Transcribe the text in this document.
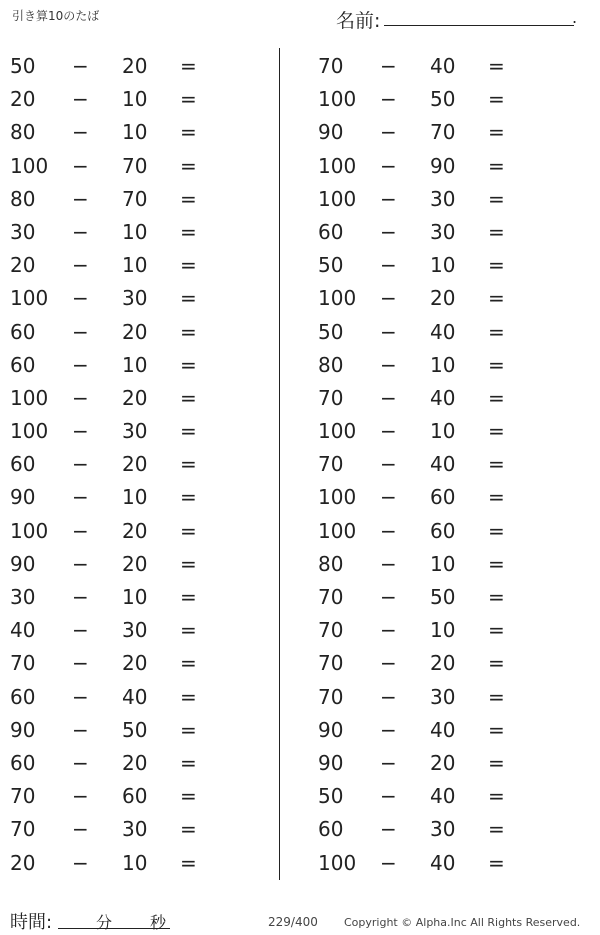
引き算10のたば	名前:	.
50	− 20	=
20	− 10	=
80	− 10	=
100 − 70	=
80	− 70	=
30	− 10	=
20	− 10	=
100 − 30	=
60	− 20	=
60	− 10	=
100 − 20	=
100 − 30	=
60	− 20	=
90	− 10	=
100 − 20	=
90	− 20	=
30	− 10	=
40	− 30	=
70	− 20	=
60	− 40	=
90	− 50	=
60	− 20	=
70	− 60	=
70	− 30	=
20	− 10	=
70	− 40	=
100 − 50	=
90	− 70	=
100 − 90	=
100 − 30	=
60	− 30	=
50	− 10	=
100 − 20	=
50	− 40	=
80	− 10	=
70	− 40	=
100 − 10	=
70	− 40	=
100 − 60	=
100 − 60	=
80	− 10	=
70	− 50	=
70	− 10	=
70	− 20	=
70	− 30	=
90	− 40	=
90	− 20	=
50	− 40	=
60	− 30	=
100 − 40	=
時間:	分 秒	229/400 Copyright © Alpha.Inc All Rights Reserved.
